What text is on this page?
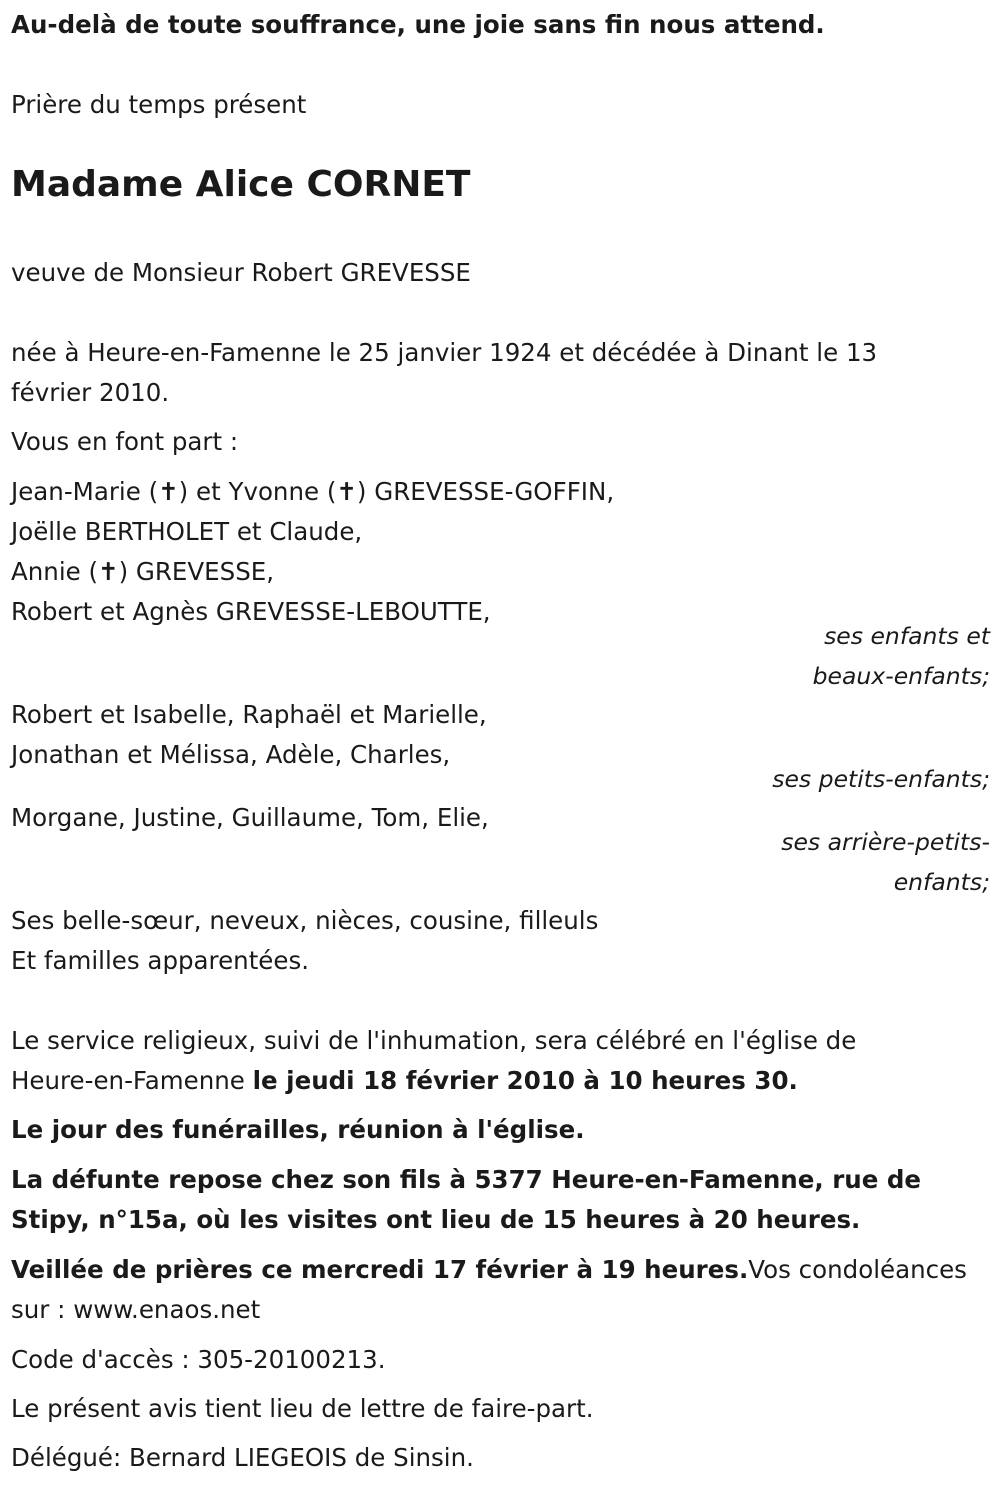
Au-delà de toute souffrance, une joie sans fin nous attend.

Prière du temps présent

Madame Alice CORNET

veuve de Monsieur Robert GREVESSE

née à Heure-en-Famenne le 25 janvier 1924 et décédée à Dinant le 13

février 2010.

Vous en font part :

Jean-Marie (✝) et Yvonne (✝) GREVESSE-GOFFIN,

Joëlle BERTHOLET et Claude,

Annie (✝) GREVESSE,

Robert et Agnès GREVESSE-LEBOUTTE,

ses enfants et

beaux-enfants;

Robert et Isabelle, Raphaël et Marielle,

Jonathan et Mélissa, Adèle, Charles,

ses petits-enfants;

Morgane, Justine, Guillaume, Tom, Elie,

ses arrière-petits-

enfants;

Ses belle-sœur, neveux, nièces, cousine, filleuls

Et familles apparentées.

Le service religieux, suivi de l'inhumation, sera célébré en l'église de

Heure-en-Famenne le jeudi 18 février 2010 à 10 heures 30.

Le jour des funérailles, réunion à l'église.

La défunte repose chez son fils à 5377 Heure-en-Famenne, rue de

Stipy, n°15a, où les visites ont lieu de 15 heures à 20 heures.

Veillée de prières ce mercredi 17 février à 19 heures.Vos condoléances

sur : www.enaos.net

Code d'accès : 305-20100213.

Le présent avis tient lieu de lettre de faire-part.

Délégué: Bernard LIEGEOIS de Sinsin.
